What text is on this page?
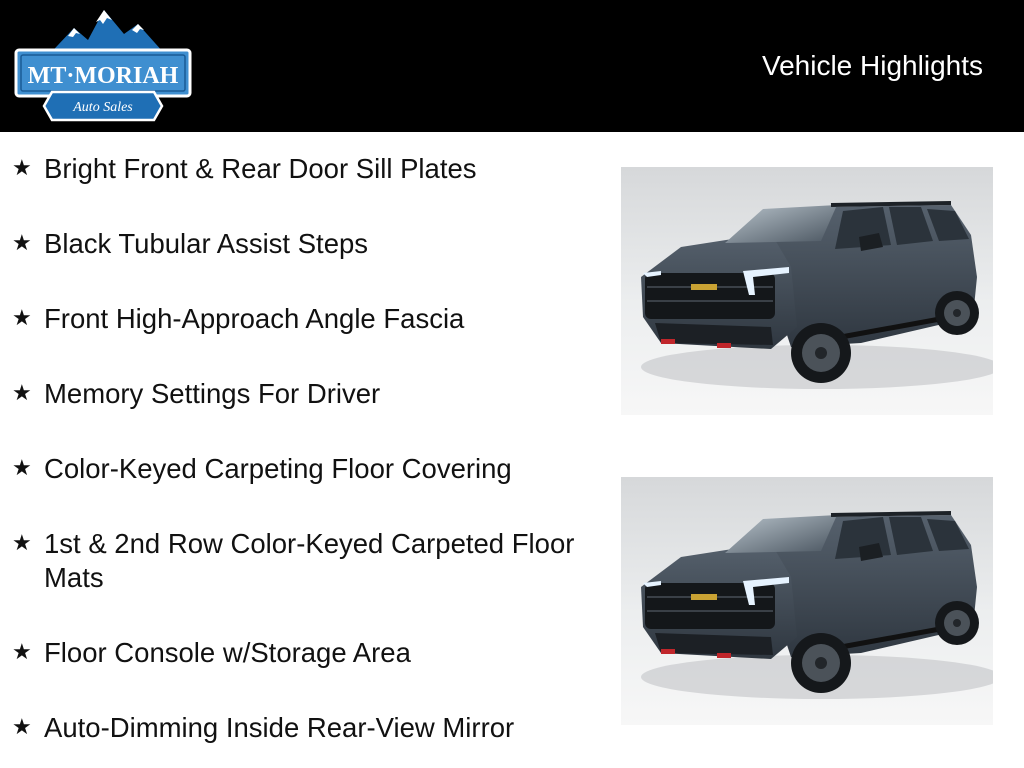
MT·MORIAH
Auto Sales
Vehicle Highlights
★ Bright Front & Rear Door Sill Plates
★ Black Tubular Assist Steps
★ Front High-Approach Angle Fascia
★ Memory Settings For Driver
★ Color-Keyed Carpeting Floor Covering
★ 1st & 2nd Row Color-Keyed Carpeted Floor Mats
★ Floor Console w/Storage Area
★ Auto-Dimming Inside Rear-View Mirror
